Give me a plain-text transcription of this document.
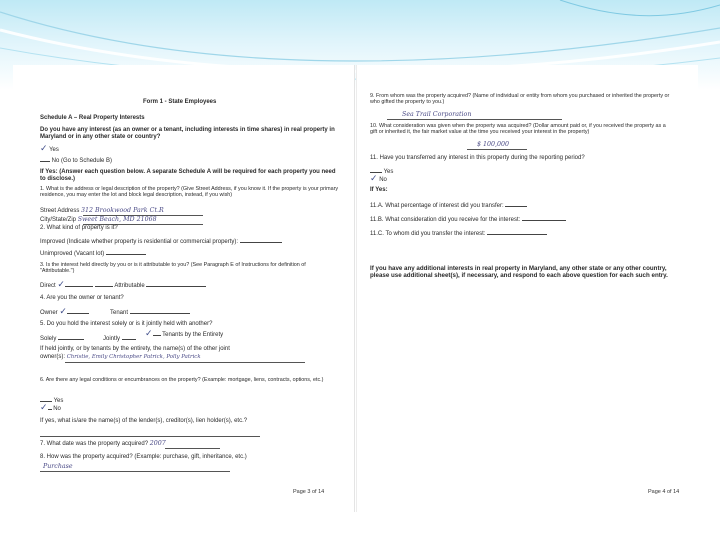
Form 1 - State Employees
Schedule A – Real Property Interests
Do you have any interest (as an owner or a tenant, including interests in time shares) in real property in Maryland or in any other state or country?
✓ Yes
No (Go to Schedule B)
If Yes: (Answer each question below. A separate Schedule A will be required for each property you need to disclose.)
1. What is the address or legal description of the property? (Give Street Address, if you know it. If the property is your primary residence, you may enter the lot and block legal description, instead, if you wish)
Street Address 312 Brookwood Park Ct.R
City/State/Zip Sweet Beach, MD 21068
2. What kind of property is it?
Improved (Indicate whether property is residential or commercial property):
Unimproved (Vacant lot)
3. Is the interest held directly by you or is it attributable to you? (See Paragraph E of Instructions for definition of "Attributable.")
Direct ✓	Attributable
4. Are you the owner or tenant?
Owner ✓	Tenant
5. Do you hold the interest solely or is it jointly held with another?
Solely	Jointly	✓ Tenants by the Entirety
If held jointly, or by tenants by the entirety, the name(s) of the other joint
owner(s): Christie, Emily Christopher Patrick, Polly Patrick
6. Are there any legal conditions or encumbrances on the property? (Example: mortgage, liens, contracts, options, etc.)
Yes
✓ No
If yes, what is/are the name(s) of the lender(s), creditor(s), lien holder(s), etc.?
7. What date was the property acquired? 2007
8. How was the property acquired? (Example: purchase, gift, inheritance, etc.)
Purchase
Page 3 of 14
9. From whom was the property acquired? (Name of individual or entity from whom you purchased or inherited the property or who gifted the property to you.)
Sea Trail Corporation
10. What consideration was given when the property was acquired? (Dollar amount paid or, if you received the property as a gift or inherited it, the fair market value at the time you received your interest in the property)
$ 100,000
11. Have you transferred any interest in this property during the reporting period?
Yes
✓ No
If Yes:
11.A. What percentage of interest did you transfer:
11.B. What consideration did you receive for the interest:
11.C. To whom did you transfer the interest:
If you have any additional interests in real property in Maryland, any other state or any other country, please use additional sheet(s), if necessary, and respond to each above question for each such entry.
Page 4 of 14
